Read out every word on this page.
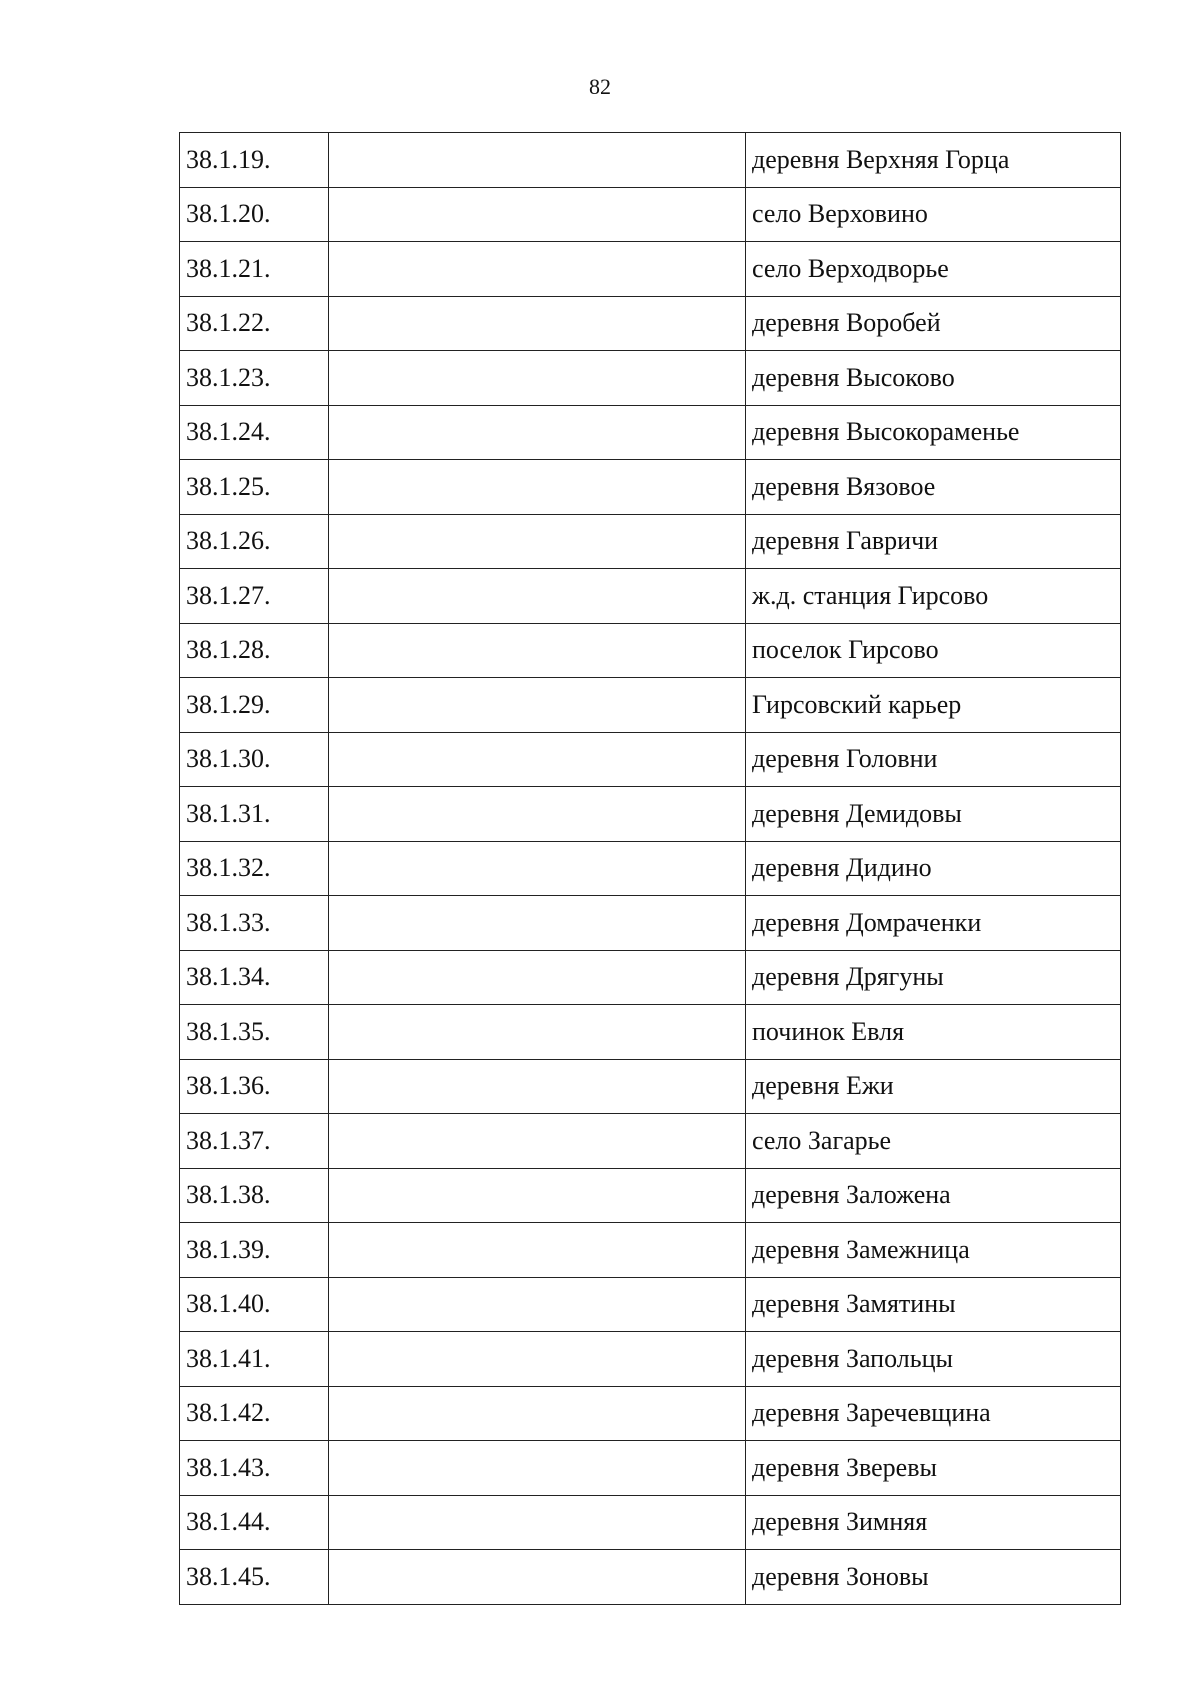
82
38.1.19.		деревня Верхняя Горца
38.1.20.		село Верховино
38.1.21.		село Верходворье
38.1.22.		деревня Воробей
38.1.23.		деревня Высоково
38.1.24.		деревня Высокораменье
38.1.25.		деревня Вязовое
38.1.26.		деревня Гавричи
38.1.27.		ж.д. станция Гирсово
38.1.28.		поселок Гирсово
38.1.29.		Гирсовский карьер
38.1.30.		деревня Головни
38.1.31.		деревня Демидовы
38.1.32.		деревня Дидино
38.1.33.		деревня Домраченки
38.1.34.		деревня Дрягуны
38.1.35.		починок Евля
38.1.36.		деревня Ежи
38.1.37.		село Загарье
38.1.38.		деревня Заложена
38.1.39.		деревня Замежница
38.1.40.		деревня Замятины
38.1.41.		деревня Запольцы
38.1.42.		деревня Заречевщина
38.1.43.		деревня Зверевы
38.1.44.		деревня Зимняя
38.1.45.		деревня Зоновы
